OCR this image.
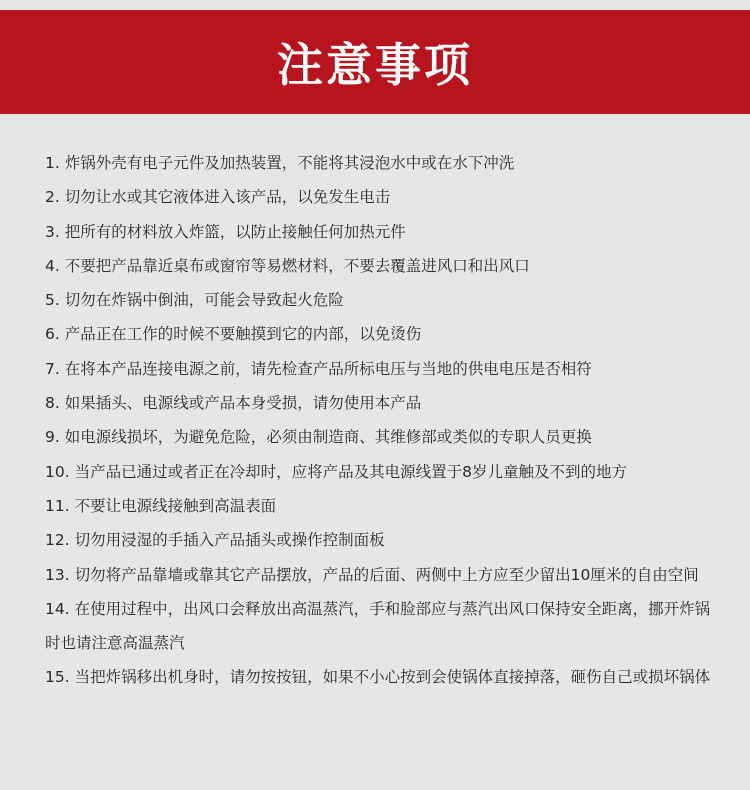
注意事项

1. 炸锅外壳有电子元件及加热装置，不能将其浸泡水中或在水下冲洗

2. 切勿让水或其它液体进入该产品，以免发生电击

3. 把所有的材料放入炸篮，以防止接触任何加热元件

4. 不要把产品靠近桌布或窗帘等易燃材料，不要去覆盖进风口和出风口

5. 切勿在炸锅中倒油，可能会导致起火危险

6. 产品正在工作的时候不要触摸到它的内部，以免烫伤

7. 在将本产品连接电源之前，请先检查产品所标电压与当地的供电电压是否相符

8. 如果插头、电源线或产品本身受损，请勿使用本产品

9. 如电源线损坏，为避免危险，必须由制造商、其维修部或类似的专职人员更换

10. 当产品已通过或者正在冷却时，应将产品及其电源线置于8岁儿童触及不到的地方

11. 不要让电源线接触到高温表面

12. 切勿用浸湿的手插入产品插头或操作控制面板

13. 切勿将产品靠墙或靠其它产品摆放，产品的后面、两侧中上方应至少留出10厘米的自由空间

14. 在使用过程中，出风口会释放出高温蒸汽，手和脸部应与蒸汽出风口保持安全距离，挪开炸锅时也请注意高温蒸汽

15. 当把炸锅移出机身时，请勿按按钮，如果不小心按到会使锅体直接掉落，砸伤自己或损坏锅体
